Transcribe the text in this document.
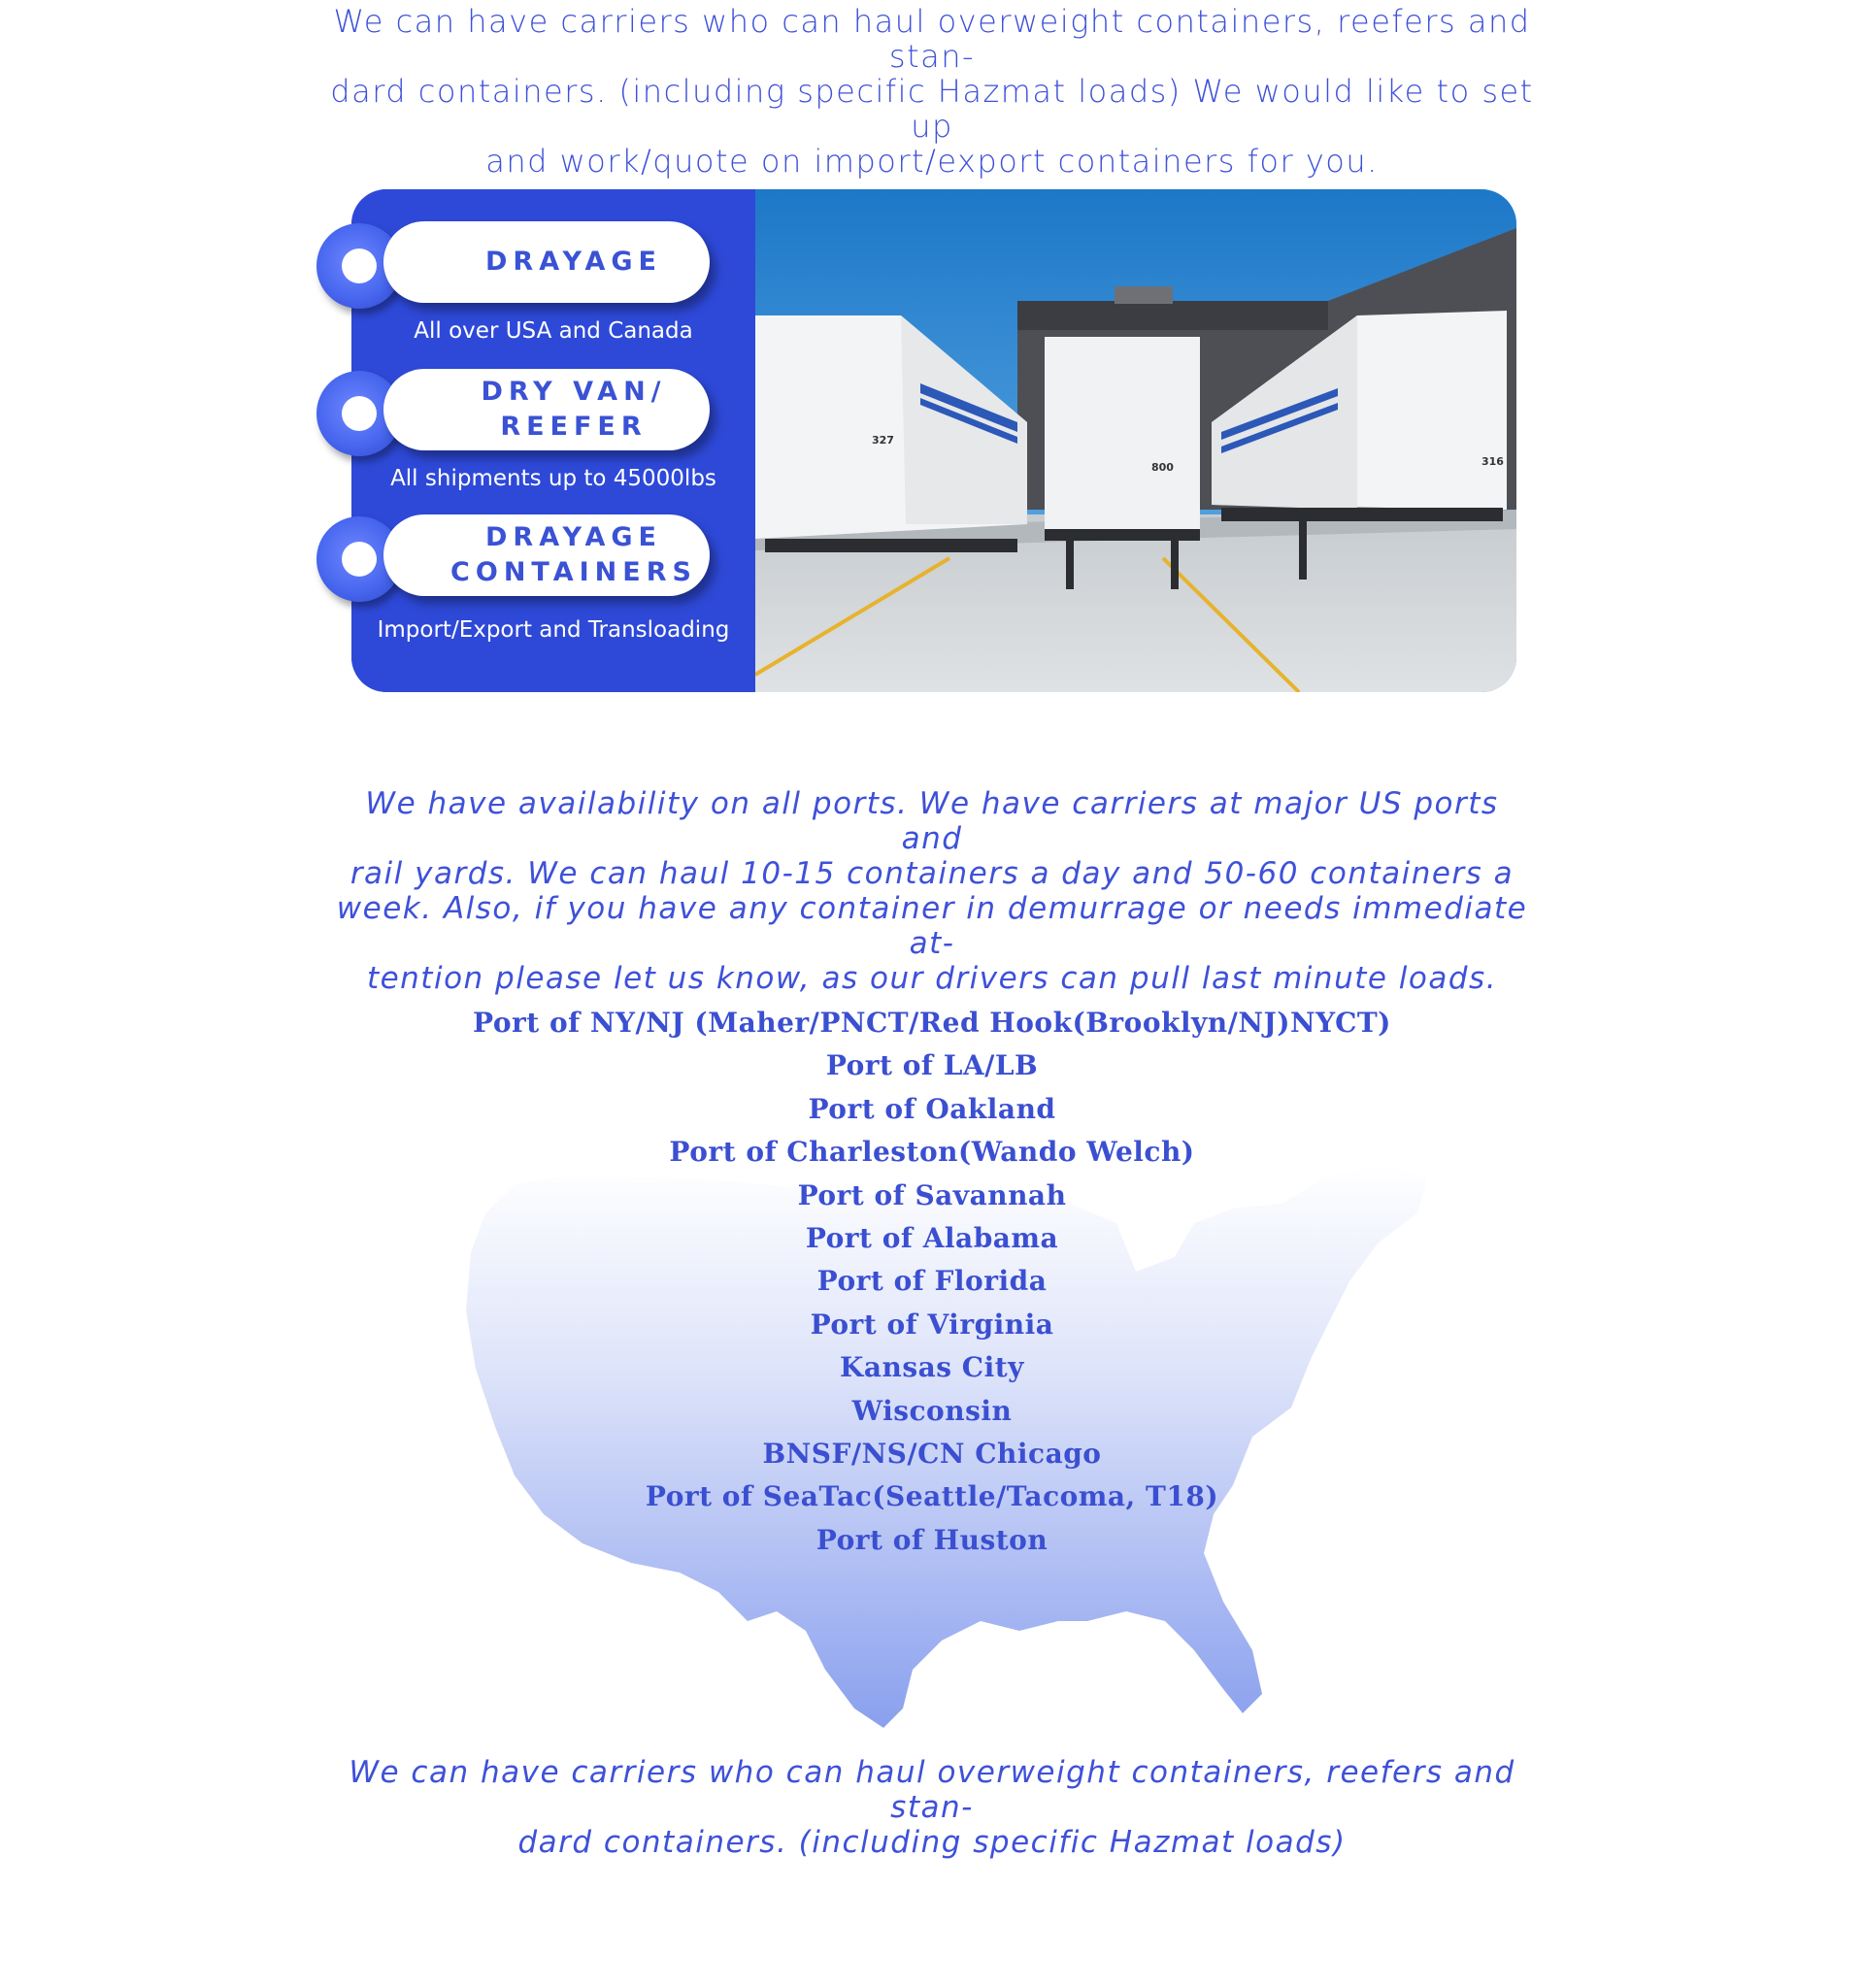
We can have carriers who can haul overweight containers, reefers and stan-
dard containers. (including specific Hazmat loads) We would like to set up
and work/quote on import/export containers for you.
327
800	316
DRAYAGE
All over USA and Canada
DRY VAN/
REEFER
All shipments up to 45000lbs
DRAYAGE
CONTAINERS
Import/Export and Transloading
We have availability on all ports. We have carriers at major US ports and
rail yards. We can haul 10-15 containers a day and 50-60 containers a
week. Also, if you have any container in demurrage or needs immediate at-
tention please let us know, as our drivers can pull last minute loads.
Port of NY/NJ (Maher/PNCT/Red Hook(Brooklyn/NJ)NYCT)
Port of LA/LB
Port of Oakland
Port of Charleston(Wando Welch)
Port of Savannah
Port of Alabama
Port of Florida
Port of Virginia
Kansas City
Wisconsin
BNSF/NS/CN Chicago
Port of SeaTac(Seattle/Tacoma, T18)
Port of Huston
We can have carriers who can haul overweight containers, reefers and stan-
dard containers. (including specific Hazmat loads)
